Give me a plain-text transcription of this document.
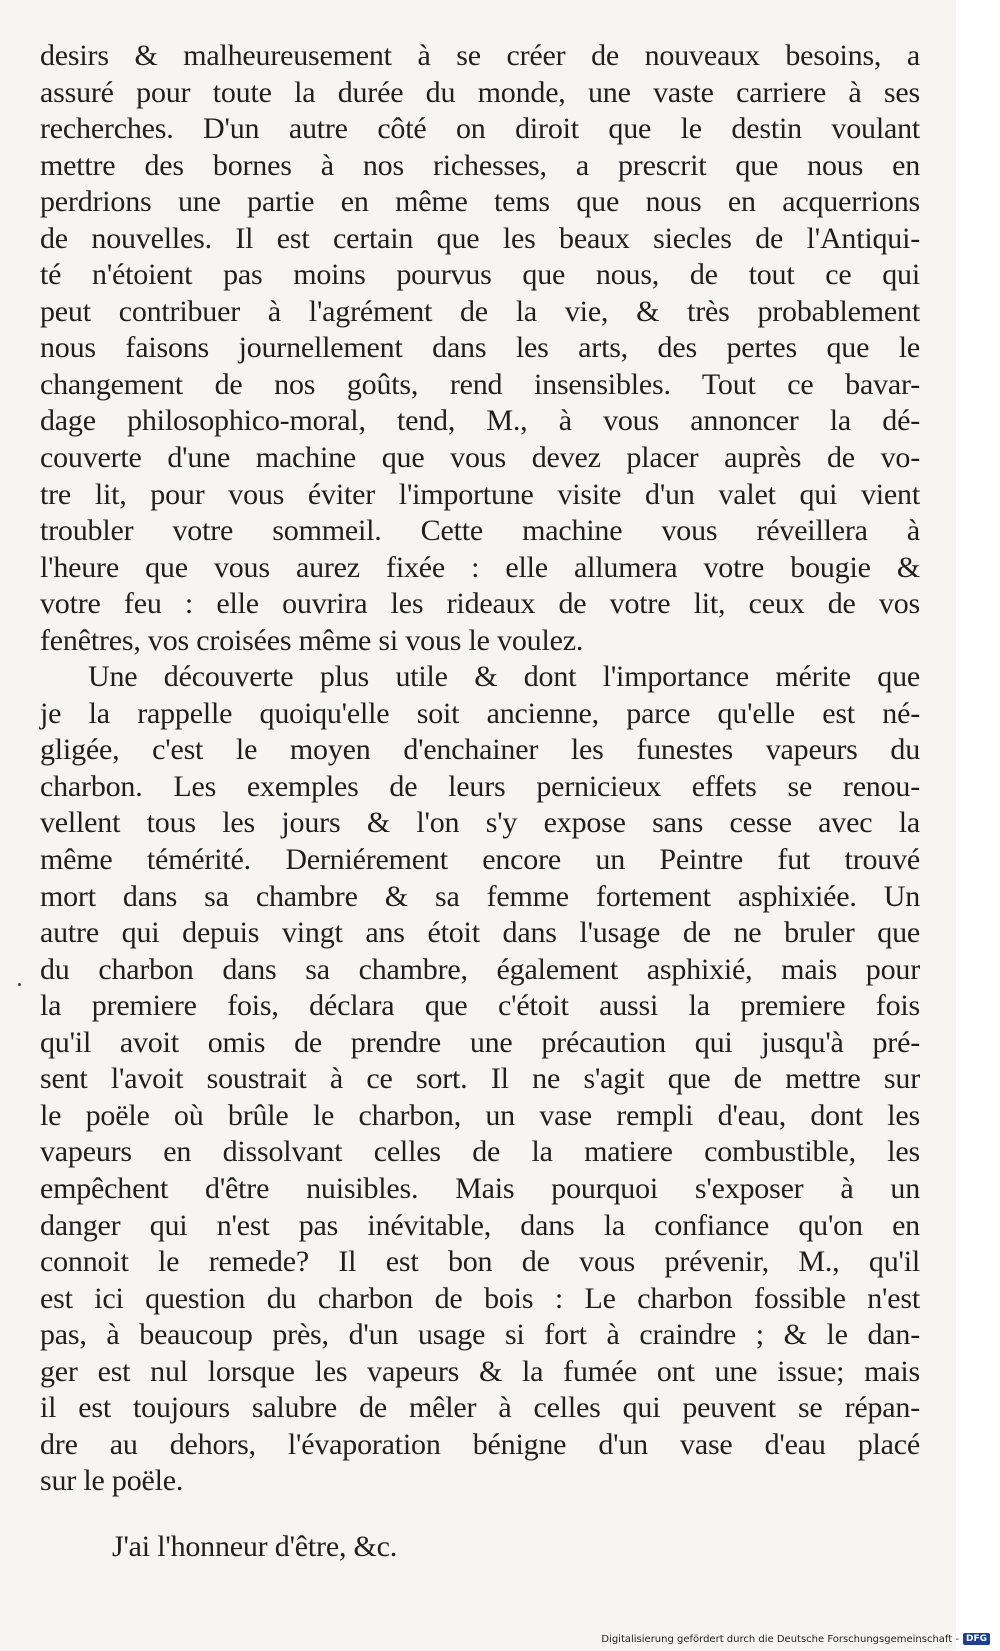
desirs & malheureusement à se créer de nouveaux besoins, a
assuré pour toute la durée du monde, une vaste carriere à ses
recherches. D'un autre côté on diroit que le destin voulant
mettre des bornes à nos richesses, a prescrit que nous en
perdrions une partie en même tems que nous en acquerrions
de nouvelles. Il est certain que les beaux siecles de l'Antiqui-
té n'étoient pas moins pourvus que nous, de tout ce qui
peut contribuer à l'agrément de la vie, & très probablement
nous faisons journellement dans les arts, des pertes que le
changement de nos goûts, rend insensibles. Tout ce bavar-
dage philosophico-moral, tend, M., à vous annoncer la dé-
couverte d'une machine que vous devez placer auprès de vo-
tre lit, pour vous éviter l'importune visite d'un valet qui vient
troubler votre sommeil. Cette machine vous réveillera à
l'heure que vous aurez fixée : elle allumera votre bougie &
votre feu : elle ouvrira les rideaux de votre lit, ceux de vos
fenêtres, vos croisées même si vous le voulez.
Une découverte plus utile & dont l'importance mérite que
je la rappelle quoiqu'elle soit ancienne, parce qu'elle est né-
gligée, c'est le moyen d'enchainer les funestes vapeurs du
charbon. Les exemples de leurs pernicieux effets se renou-
vellent tous les jours & l'on s'y expose sans cesse avec la
même témérité. Derniérement encore un Peintre fut trouvé
mort dans sa chambre & sa femme fortement asphixiée. Un
autre qui depuis vingt ans étoit dans l'usage de ne bruler que
du charbon dans sa chambre, également asphixié, mais pour
la premiere fois, déclara que c'étoit aussi la premiere fois
qu'il avoit omis de prendre une précaution qui jusqu'à pré-
sent l'avoit soustrait à ce sort. Il ne s'agit que de mettre sur
le poële où brûle le charbon, un vase rempli d'eau, dont les
vapeurs en dissolvant celles de la matiere combustible, les
empêchent d'être nuisibles. Mais pourquoi s'exposer à un
danger qui n'est pas inévitable, dans la confiance qu'on en
connoit le remede? Il est bon de vous prévenir, M., qu'il
est ici question du charbon de bois : Le charbon fossible n'est
pas, à beaucoup près, d'un usage si fort à craindre ; & le dan-
ger est nul lorsque les vapeurs & la fumée ont une issue; mais
il est toujours salubre de mêler à celles qui peuvent se répan-
dre au dehors, l'évaporation bénigne d'un vase d'eau placé
sur le poële.
J'ai l'honneur d'être, &c.
Digitalisierung gefördert durch die Deutsche Forschungsgemeinschaft - DFG
